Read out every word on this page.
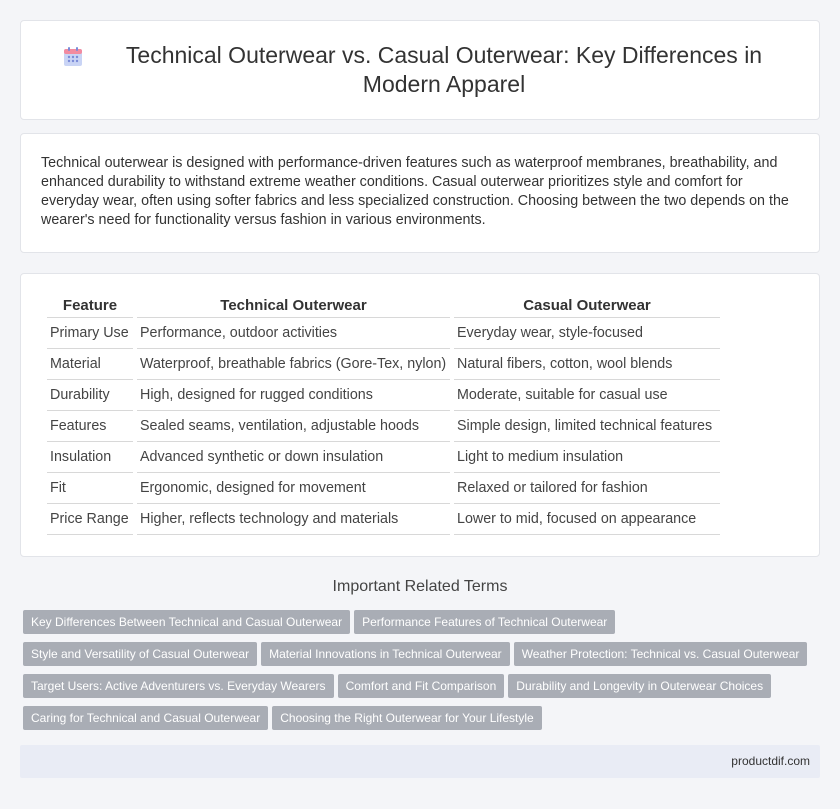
Technical Outerwear vs. Casual Outerwear: Key Differences in Modern Apparel

Technical outerwear is designed with performance-driven features such as waterproof membranes, breathability, and enhanced durability to withstand extreme weather conditions. Casual outerwear prioritizes style and comfort for everyday wear, often using softer fabrics and less specialized construction. Choosing between the two depends on the wearer's need for functionality versus fashion in various environments.

Feature	Technical Outerwear	Casual Outerwear
Primary Use	Performance, outdoor activities	Everyday wear, style-focused
Material	Waterproof, breathable fabrics (Gore-Tex, nylon)	Natural fibers, cotton, wool blends
Durability	High, designed for rugged conditions	Moderate, suitable for casual use
Features	Sealed seams, ventilation, adjustable hoods	Simple design, limited technical features
Insulation	Advanced synthetic or down insulation	Light to medium insulation
Fit	Ergonomic, designed for movement	Relaxed or tailored for fashion
Price Range	Higher, reflects technology and materials	Lower to mid, focused on appearance
Important Related Terms
Key Differences Between Technical and Casual Outerwear Performance Features of Technical Outerwear
Style and Versatility of Casual Outerwear Material Innovations in Technical Outerwear Weather Protection: Technical vs. Casual Outerwear
Target Users: Active Adventurers vs. Everyday Wearers Comfort and Fit Comparison Durability and Longevity in Outerwear Choices
Caring for Technical and Casual Outerwear Choosing the Right Outerwear for Your Lifestyle
productdif.com
